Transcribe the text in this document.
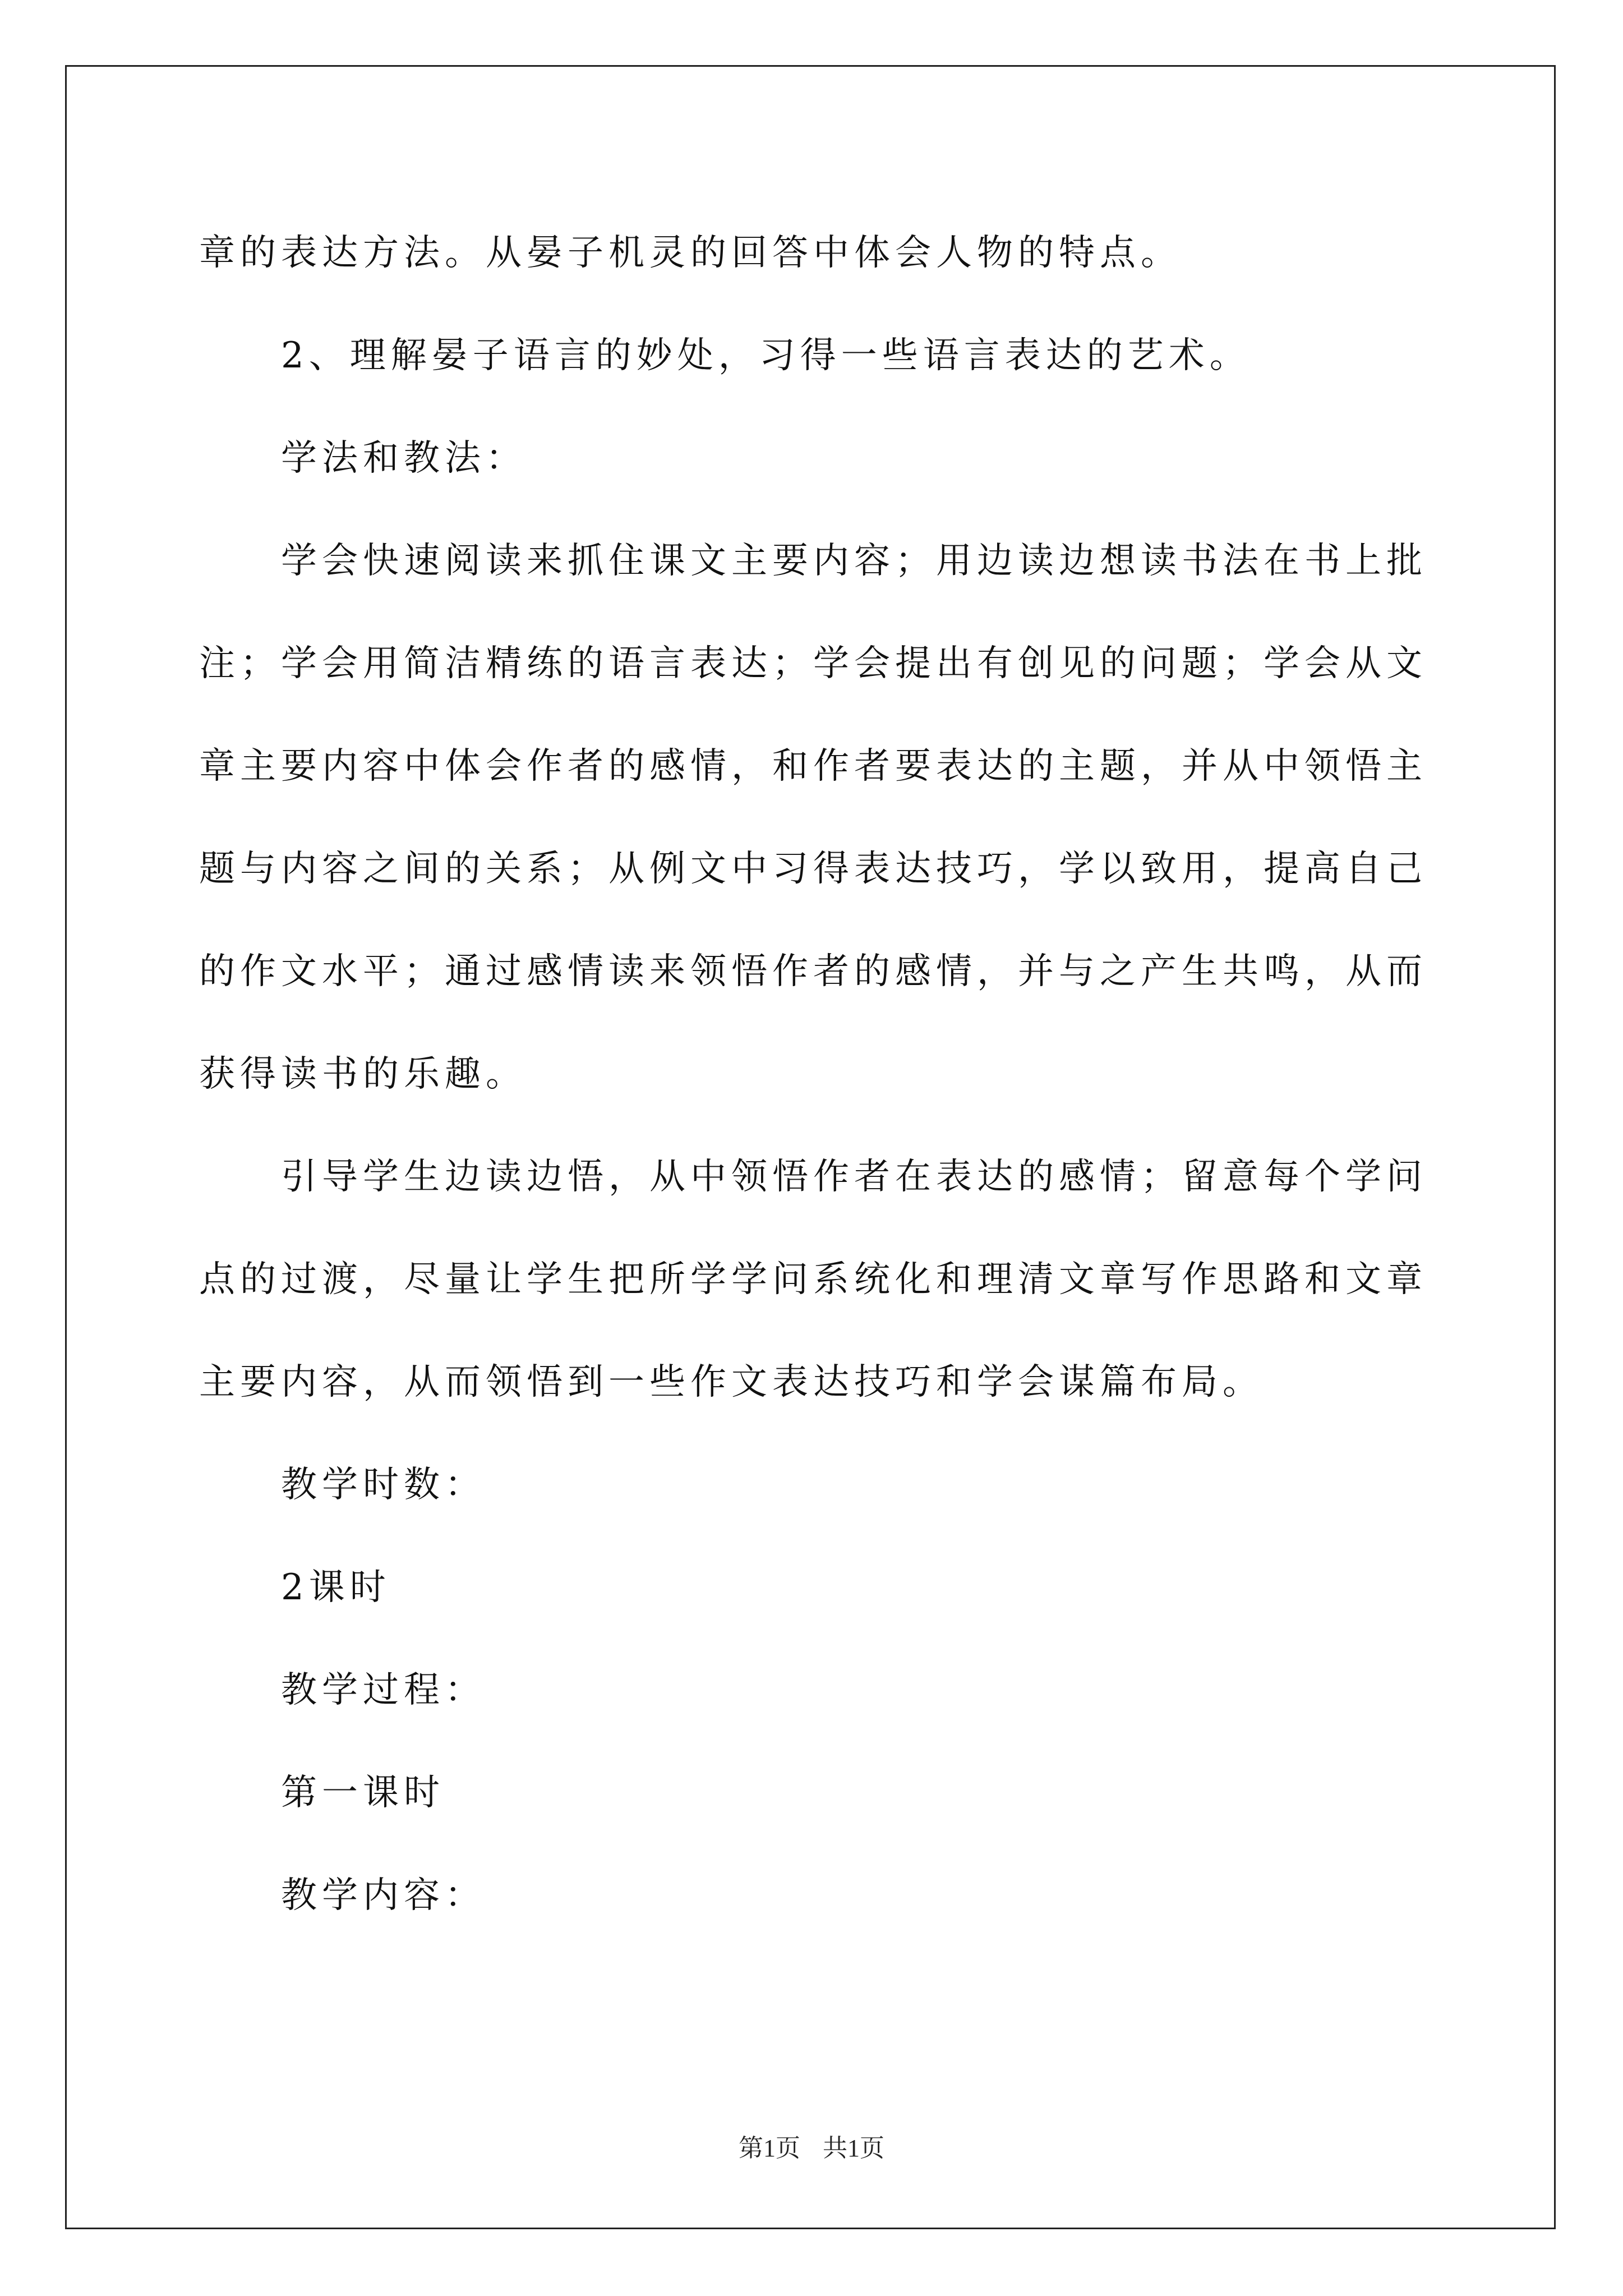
章的表达方法。从晏子机灵的回答中体会人物的特点。

2、理解晏子语言的妙处，习得一些语言表达的艺术。

学法和教法：

学会快速阅读来抓住课文主要内容；用边读边想读书法在书上批注；学会用简洁精练的语言表达；学会提出有创见的问题；学会从文章主要内容中体会作者的感情，和作者要表达的主题，并从中领悟主题与内容之间的关系；从例文中习得表达技巧，学以致用，提高自己的作文水平；通过感情读来领悟作者的感情，并与之产生共鸣，从而获得读书的乐趣。

引导学生边读边悟，从中领悟作者在表达的感情；留意每个学问点的过渡，尽量让学生把所学学问系统化和理清文章写作思路和文章主要内容，从而领悟到一些作文表达技巧和学会谋篇布局。

教学时数：

2课时

教学过程：

第一课时

教学内容：

第1页 共1页
